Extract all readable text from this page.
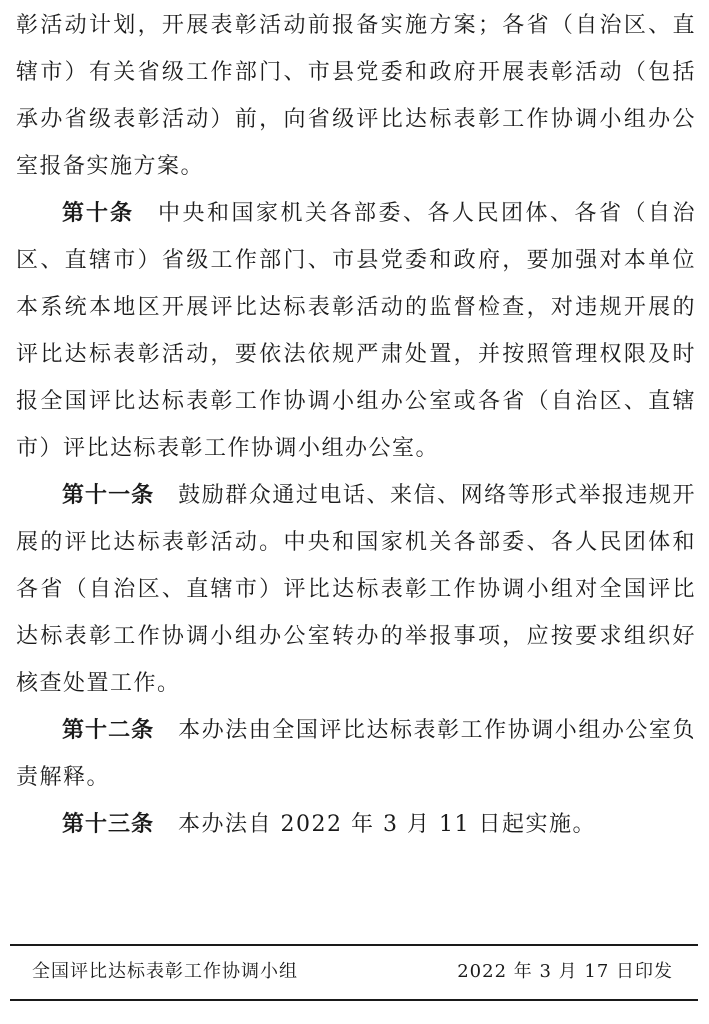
彰活动计划，开展表彰活动前报备实施方案；各省（自治区、直辖市）有关省级工作部门、市县党委和政府开展表彰活动（包括承办省级表彰活动）前，向省级评比达标表彰工作协调小组办公室报备实施方案。

第十条 中央和国家机关各部委、各人民团体、各省（自治区、直辖市）省级工作部门、市县党委和政府，要加强对本单位本系统本地区开展评比达标表彰活动的监督检查，对违规开展的评比达标表彰活动，要依法依规严肃处置，并按照管理权限及时报全国评比达标表彰工作协调小组办公室或各省（自治区、直辖市）评比达标表彰工作协调小组办公室。

第十一条 鼓励群众通过电话、来信、网络等形式举报违规开展的评比达标表彰活动。中央和国家机关各部委、各人民团体和各省（自治区、直辖市）评比达标表彰工作协调小组对全国评比达标表彰工作协调小组办公室转办的举报事项，应按要求组织好核查处置工作。

第十二条 本办法由全国评比达标表彰工作协调小组办公室负责解释。

第十三条 本办法自 2022 年 3 月 11 日起实施。

全国评比达标表彰工作协调小组	2022 年 3 月 17 日印发
